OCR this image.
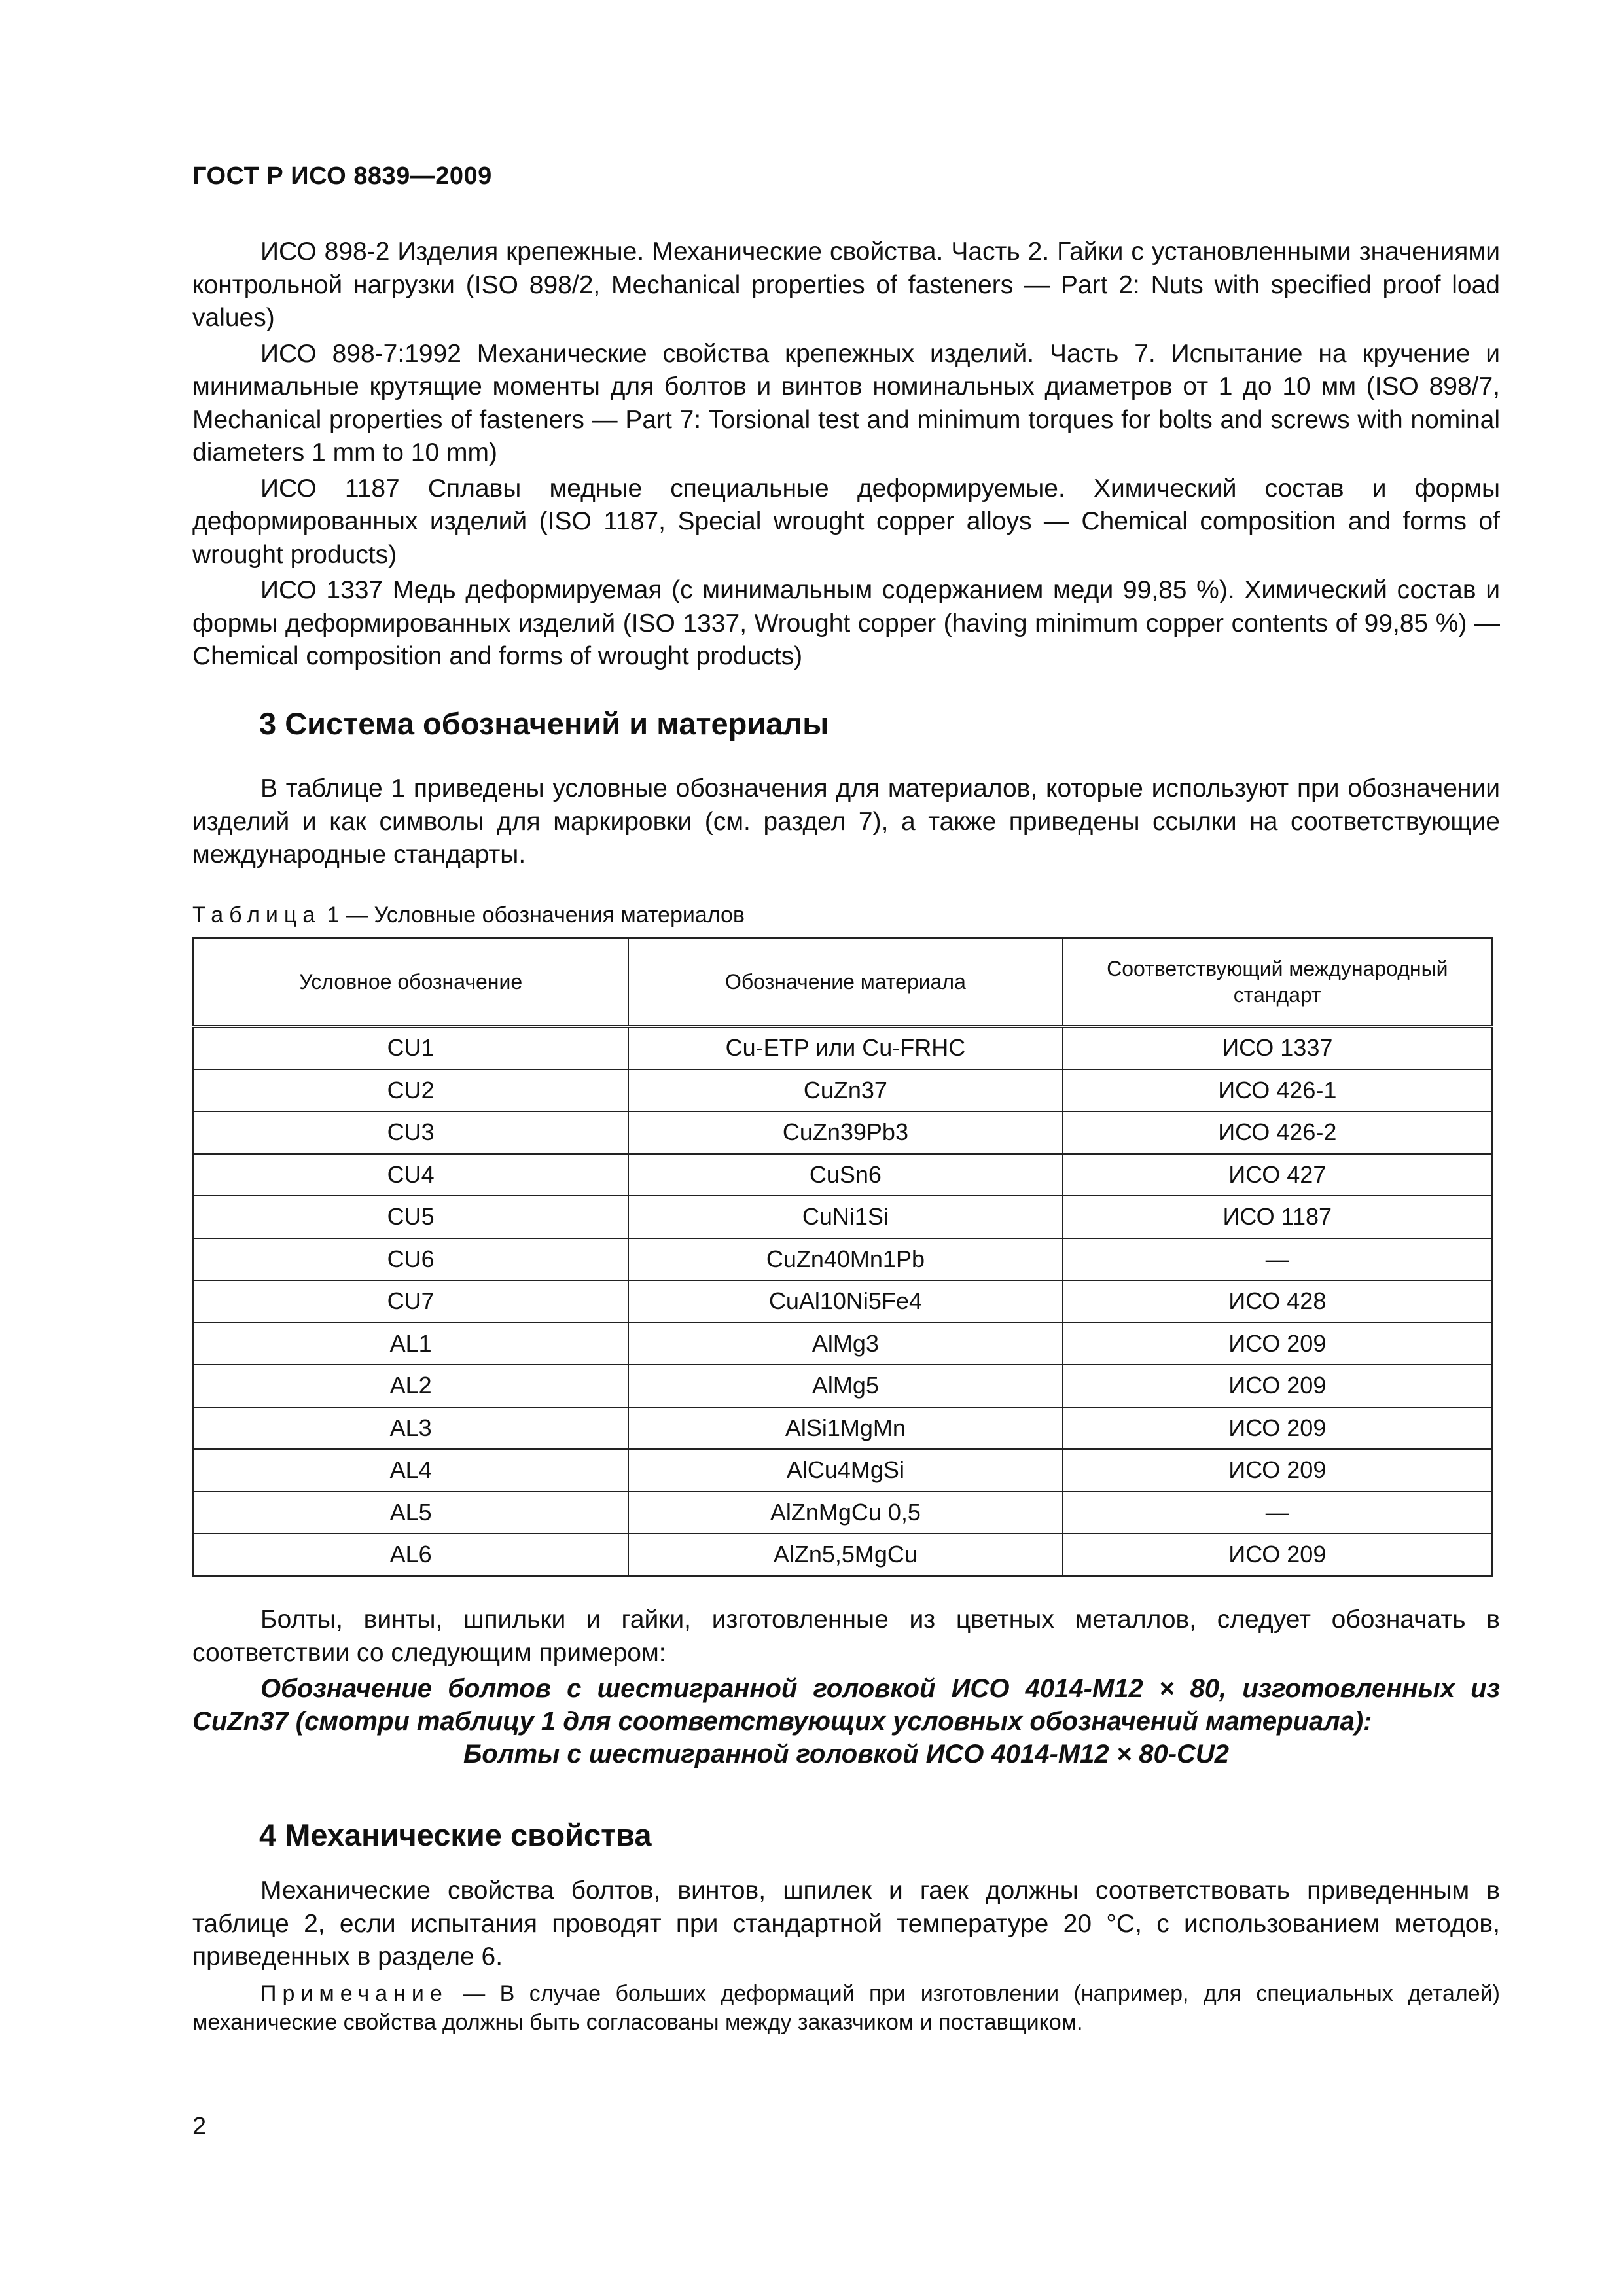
ГОСТ Р ИСО 8839—2009

ИСО 898-2 Изделия крепежные. Механические свойства. Часть 2. Гайки с установленными значениями контрольной нагрузки (ISO 898/2, Mechanical properties of fasteners — Part 2: Nuts with specified proof load values)

ИСО 898-7:1992 Механические свойства крепежных изделий. Часть 7. Испытание на кручение и минимальные крутящие моменты для болтов и винтов номинальных диаметров от 1 до 10 мм (ISO 898/7, Mechanical properties of fasteners — Part 7: Torsional test and minimum torques for bolts and screws with nominal diameters 1 mm to 10 mm)

ИСО 1187 Сплавы медные специальные деформируемые. Химический состав и формы деформированных изделий (ISO 1187, Special wrought copper alloys — Chemical composition and forms of wrought products)

ИСО 1337 Медь деформируемая (с минимальным содержанием меди 99,85 %). Химический состав и формы деформированных изделий (ISO 1337, Wrought copper (having minimum copper contents of 99,85 %) — Chemical composition and forms of wrought products)

3 Система обозначений и материалы

В таблице 1 приведены условные обозначения для материалов, которые используют при обозначении изделий и как символы для маркировки (см. раздел 7), а также приведены ссылки на соответствующие международные стандарты.

Таблица 1 — Условные обозначения материалов
Условное обозначение	Обозначение материала	Соответствующий международный стандарт
CU1	Cu-ETP или Cu-FRHC	ИСО 1337
CU2	CuZn37	ИСО 426-1
CU3	CuZn39Pb3	ИСО 426-2
CU4	CuSn6	ИСО 427
CU5	CuNi1Si	ИСО 1187
CU6	CuZn40Mn1Pb	—
CU7	CuAl10Ni5Fe4	ИСО 428
AL1	AlMg3	ИСО 209
AL2	AlMg5	ИСО 209
AL3	AlSi1MgMn	ИСО 209
AL4	AlCu4MgSi	ИСО 209
AL5	AlZnMgCu 0,5	—
AL6	AlZn5,5MgCu	ИСО 209

Болты, винты, шпильки и гайки, изготовленные из цветных металлов, следует обозначать в соответствии со следующим примером:

Обозначение болтов с шестигранной головкой ИСО 4014-М12 × 80, изготовленных из CuZn37 (смотри таблицу 1 для соответствующих условных обозначений материала):

Болты с шестигранной головкой ИСО 4014-М12 × 80-CU2

4 Механические свойства

Механические свойства болтов, винтов, шпилек и гаек должны соответствовать приведенным в таблице 2, если испытания проводят при стандартной температуре 20 °С, с использованием методов, приведенных в разделе 6.

Примечание — В случае больших деформаций при изготовлении (например, для специальных деталей) механические свойства должны быть согласованы между заказчиком и поставщиком.

2
